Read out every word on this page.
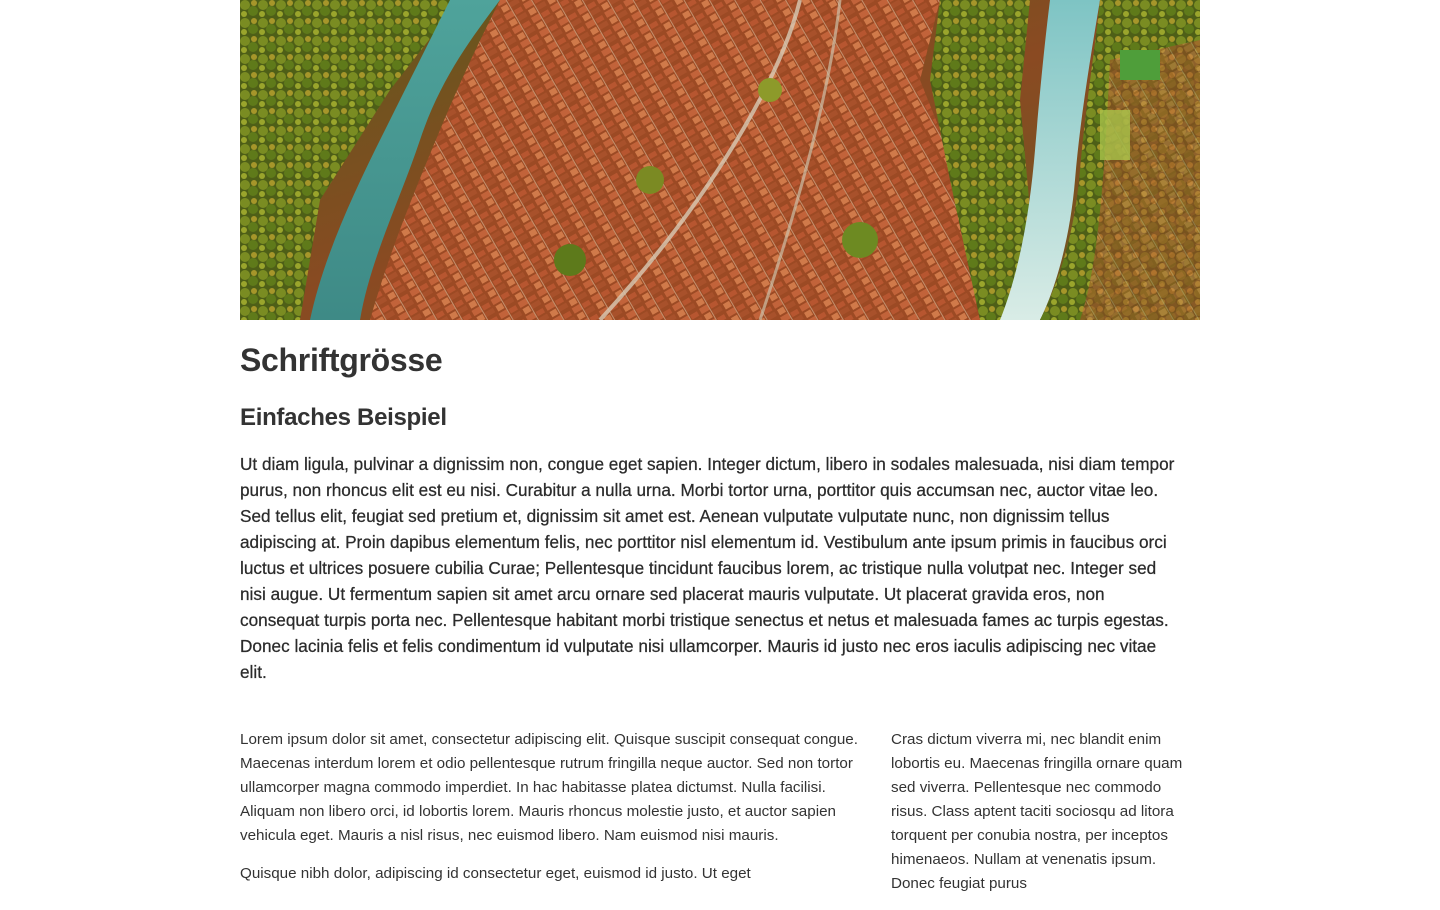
Schriftgrösse
Einfaches Beispiel

Ut diam ligula, pulvinar a dignissim non, congue eget sapien. Integer dictum, libero in sodales malesuada, nisi diam tempor purus, non rhoncus elit est eu nisi. Curabitur a nulla urna. Morbi tortor urna, porttitor quis accumsan nec, auctor vitae leo. Sed tellus elit, feugiat sed pretium et, dignissim sit amet est. Aenean vulputate vulputate nunc, non dignissim tellus adipiscing at. Proin dapibus elementum felis, nec porttitor nisl elementum id. Vestibulum ante ipsum primis in faucibus orci luctus et ultrices posuere cubilia Curae; Pellentesque tincidunt faucibus lorem, ac tristique nulla volutpat nec. Integer sed nisi augue. Ut fermentum sapien sit amet arcu ornare sed placerat mauris vulputate. Ut placerat gravida eros, non consequat turpis porta nec. Pellentesque habitant morbi tristique senectus et netus et malesuada fames ac turpis egestas. Donec lacinia felis et felis condimentum id vulputate nisi ullamcorper. Mauris id justo nec eros iaculis adipiscing nec vitae elit.

Lorem ipsum dolor sit amet, consectetur adipiscing elit. Quisque suscipit consequat congue. Maecenas interdum lorem et odio pellentesque rutrum fringilla neque auctor. Sed non tortor ullamcorper magna commodo imperdiet. In hac habitasse platea dictumst. Nulla facilisi. Aliquam non libero orci, id lobortis lorem. Mauris rhoncus molestie justo, et auctor sapien vehicula eget. Mauris a nisl risus, nec euismod libero. Nam euismod nisi mauris.

Quisque nibh dolor, adipiscing id consectetur eget, euismod id justo. Ut eget

Cras dictum viverra mi, nec blandit enim lobortis eu. Maecenas fringilla ornare quam sed viverra. Pellentesque nec commodo risus. Class aptent taciti sociosqu ad litora torquent per conubia nostra, per inceptos himenaeos. Nullam at venenatis ipsum. Donec feugiat purus
